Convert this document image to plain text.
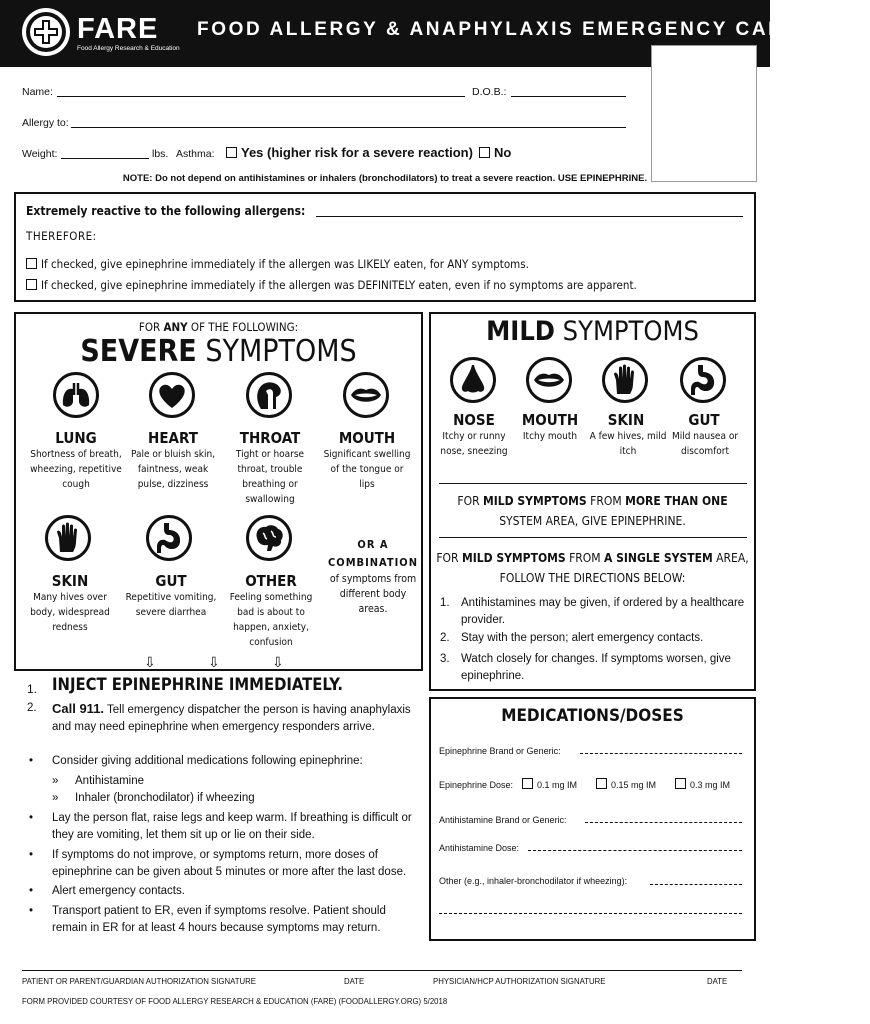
FARE
Food Allergy Research & Education
FOOD ALLERGY & ANAPHYLAXIS EMERGENCY CARE PLAN
Name:	D.O.B.:
Allergy to:
Weight:	lbs. Asthma:	Yes (higher risk for a severe reaction)	No
NOTE: Do not depend on antihistamines or inhalers (bronchodilators) to treat a severe reaction. USE EPINEPHRINE.
Extremely reactive to the following allergens:
THEREFORE:
If checked, give epinephrine immediately if the allergen was LIKELY eaten, for ANY symptoms.
If checked, give epinephrine immediately if the allergen was DEFINITELY eaten, even if no symptoms are apparent.
FOR ANY OF THE FOLLOWING:
SEVERE SYMPTOMS
LUNG
Shortness of breath, wheezing, repetitive cough
HEART
Pale or bluish skin, faintness, weak pulse, dizziness
THROAT
Tight or hoarse throat, trouble breathing or swallowing
MOUTH
Significant swelling of the tongue or lips
SKIN
Many hives over body, widespread redness
GUT
Repetitive vomiting, severe diarrhea
OTHER
Feeling something bad is about to happen, anxiety, confusion
OR A COMBINATION
of symptoms from different body areas.
⇩	⇩	⇩
1. INJECT EPINEPHRINE IMMEDIATELY.
2. Call 911. Tell emergency dispatcher the person is having anaphylaxis and may need epinephrine when emergency responders arrive.
• Consider giving additional medications following epinephrine:
» Antihistamine
» Inhaler (bronchodilator) if wheezing
• Lay the person flat, raise legs and keep warm. If breathing is difficult or they are vomiting, let them sit up or lie on their side.
• If symptoms do not improve, or symptoms return, more doses of epinephrine can be given about 5 minutes or more after the last dose.
• Alert emergency contacts.
• Transport patient to ER, even if symptoms resolve. Patient should remain in ER for at least 4 hours because symptoms may return.
MILD SYMPTOMS
NOSE
Itchy or runny nose, sneezing
MOUTH
Itchy mouth
SKIN
A few hives, mild itch
GUT
Mild nausea or discomfort
FOR MILD SYMPTOMS FROM MORE THAN ONE SYSTEM AREA, GIVE EPINEPHRINE.
FOR MILD SYMPTOMS FROM A SINGLE SYSTEM AREA, FOLLOW THE DIRECTIONS BELOW:
1. Antihistamines may be given, if ordered by a healthcare provider.
2. Stay with the person; alert emergency contacts.
3. Watch closely for changes. If symptoms worsen, give epinephrine.
MEDICATIONS/DOSES
Epinephrine Brand or Generic:
Epinephrine Dose:	0.1 mg IM	0.15 mg IM	0.3 mg IM
Antihistamine Brand or Generic:
Antihistamine Dose:
Other (e.g., inhaler-bronchodilator if wheezing):
PATIENT OR PARENT/GUARDIAN AUTHORIZATION SIGNATURE	DATE	PHYSICIAN/HCP AUTHORIZATION SIGNATURE	DATE
FORM PROVIDED COURTESY OF FOOD ALLERGY RESEARCH & EDUCATION (FARE) (FOODALLERGY.ORG) 5/2018
